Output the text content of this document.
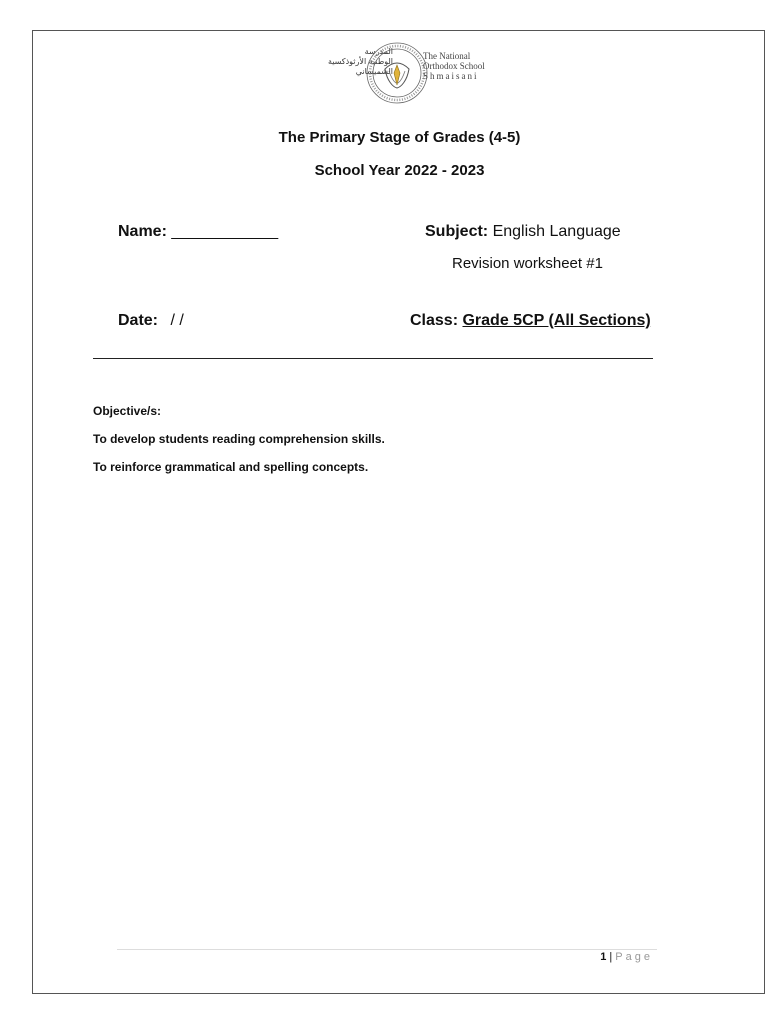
المدرسة
الوطنية الأرثوذكسية
الشميساني
The National
Orthodox School
Shmaisani
The Primary Stage of Grades (4-5)
School Year 2022 - 2023
Name: ____________	Subject: English Language
Revision worksheet #1
Date: / /	Class: Grade 5CP (All Sections)
Objective/s:
To develop students reading comprehension skills.
To reinforce grammatical and spelling concepts.
1 | Page
